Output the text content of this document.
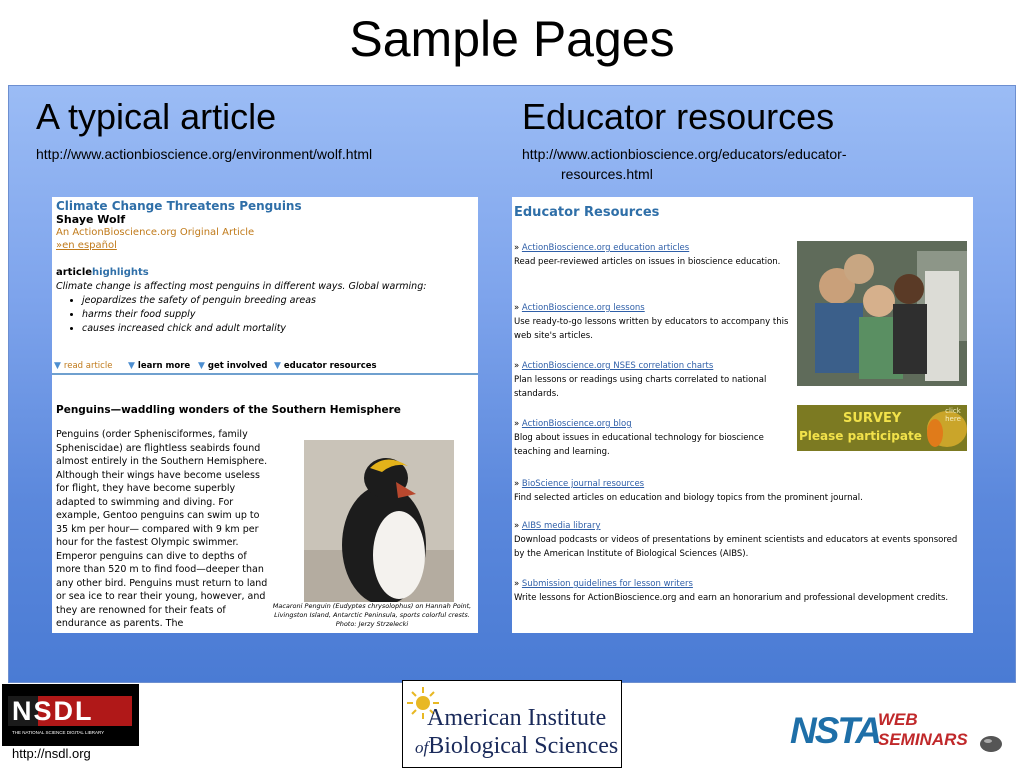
Sample Pages
A typical article
http://www.actionbioscience.org/environment/wolf.html
Climate Change Threatens Penguins
Shaye Wolf
An ActionBioscience.org Original Article
»en español
articlehighlights
Climate change is affecting most penguins in different ways. Global warming:
• jeopardizes the safety of penguin breeding areas
• harms their food supply
• causes increased chick and adult mortality
▼ read article ▼ learn more ▼ get involved ▼ educator resources
Penguins—waddling wonders of the Southern Hemisphere
Penguins (order Sphenisciformes, family Spheniscidae) are flightless seabirds found almost entirely in the Southern Hemisphere. Although their wings have become useless for flight, they have become superbly adapted to swimming and diving. For example, Gentoo penguins can swim up to 35 km per hour— compared with 9 km per hour for the fastest Olympic swimmer. Emperor penguins can dive to depths of more than 520 m to find food—deeper than any other bird. Penguins must return to land or sea ice to rear their young, however, and they are renowned for their feats of endurance as parents. The
Macaroni Penguin (Eudyptes chrysolophus) on Hannah Point, Livingston Island, Antarctic Peninsula, sports colorful crests. Photo: Jerzy Strzelecki
Educator resources
http://www.actionbioscience.org/educators/educator-
resources.html
Educator Resources
» ActionBioscience.org education articles
Read peer-reviewed articles on issues in bioscience education.
» ActionBioscience.org lessons
Use ready-to-go lessons written by educators to accompany this web site's articles.
» ActionBioscience.org NSES correlation charts
Plan lessons or readings using charts correlated to national standards.
» ActionBioscience.org blog
Blog about issues in educational technology for bioscience teaching and learning.
» BioScience journal resources
Find selected articles on education and biology topics from the prominent journal.
» AIBS media library
Download podcasts or videos of presentations by eminent scientists and educators at events sponsored by the American Institute of Biological Sciences (AIBS).
» Submission guidelines for lesson writers
Write lessons for ActionBioscience.org and earn an honorarium and professional development credits.
SURVEY
Please participate
click here
NSDL
THE NATIONAL SCIENCE DIGITAL LIBRARY
http://nsdl.org
American Institute
ofBiological Sciences	NSTA
WEB
SEMINARS
